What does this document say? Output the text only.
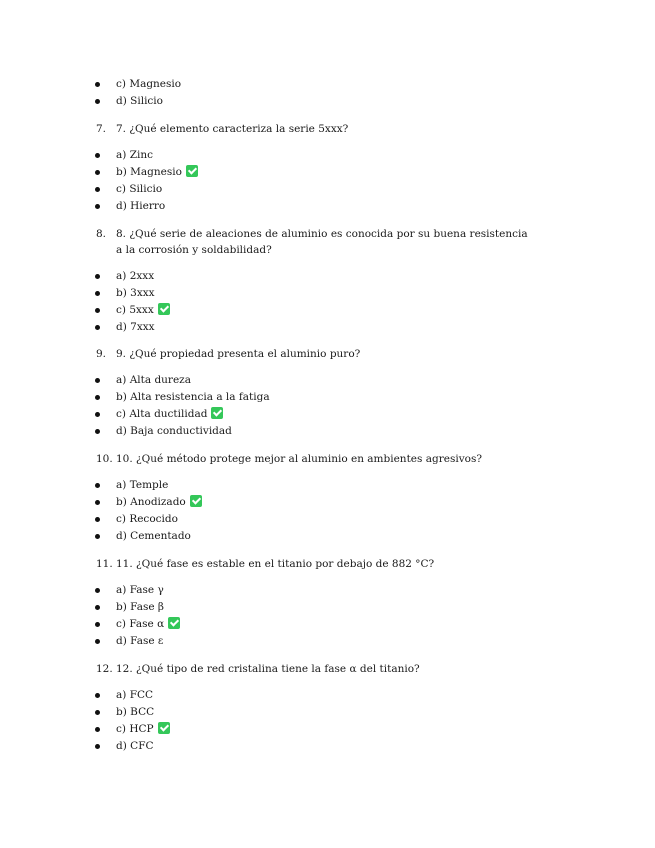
c) Magnesio
d) Silicio
7. 7. ¿Qué elemento caracteriza la serie 5xxx?
a) Zinc
b) Magnesio
c) Silicio
d) Hierro
8. 8. ¿Qué serie de aleaciones de aluminio es conocida por su buena resistencia a la corrosión y soldabilidad?
a) 2xxx
b) 3xxx
c) 5xxx
d) 7xxx
9. 9. ¿Qué propiedad presenta el aluminio puro?
a) Alta dureza
b) Alta resistencia a la fatiga
c) Alta ductilidad
d) Baja conductividad
10. 10. ¿Qué método protege mejor al aluminio en ambientes agresivos?
a) Temple
b) Anodizado
c) Recocido
d) Cementado
11. 11. ¿Qué fase es estable en el titanio por debajo de 882 °C?
a) Fase γ
b) Fase β
c) Fase α
d) Fase ε
12. 12. ¿Qué tipo de red cristalina tiene la fase α del titanio?
a) FCC
b) BCC
c) HCP
d) CFC
